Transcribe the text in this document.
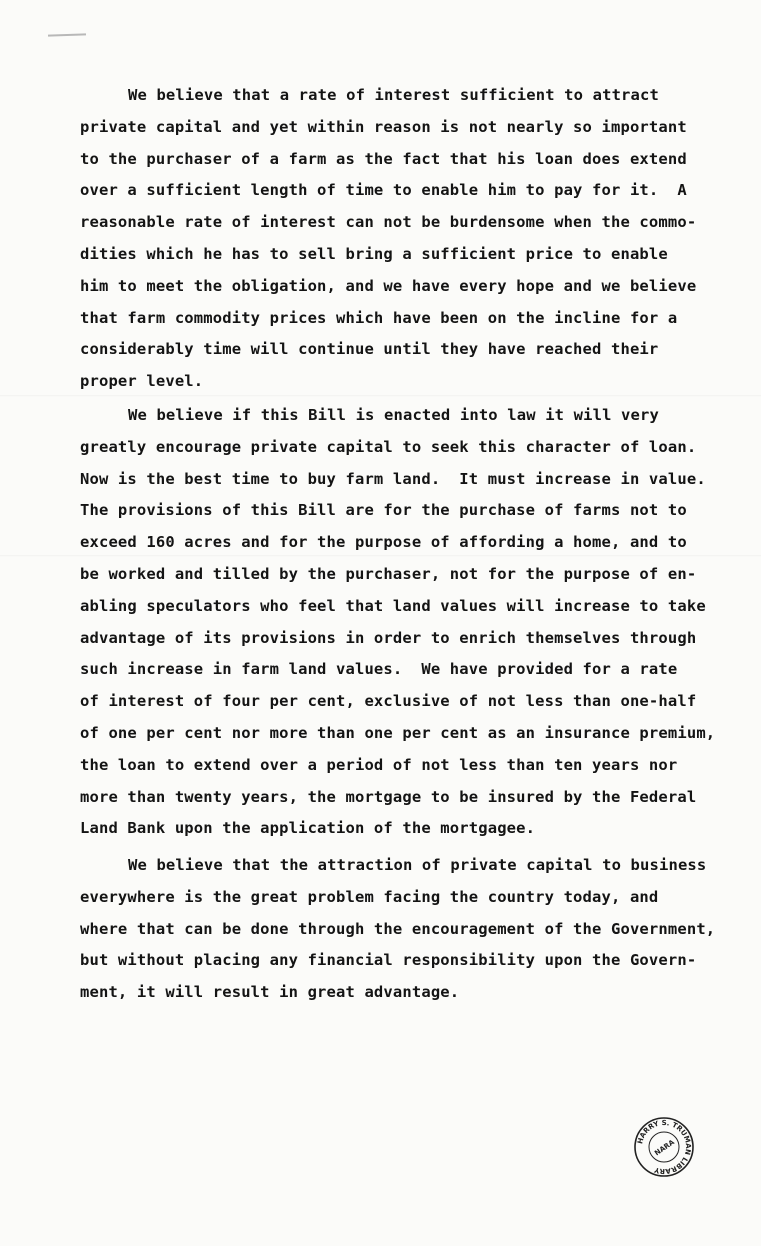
We believe that a rate of interest sufficient to attract
private capital and yet within reason is not nearly so important
to the purchaser of a farm as the fact that his loan does extend
over a sufficient length of time to enable him to pay for it.  A
reasonable rate of interest can not be burdensome when the commo-
dities which he has to sell bring a sufficient price to enable
him to meet the obligation, and we have every hope and we believe
that farm commodity prices which have been on the incline for a
considerably time will continue until they have reached their
proper level.
We believe if this Bill is enacted into law it will very
greatly encourage private capital to seek this character of loan.
Now is the best time to buy farm land.  It must increase in value.
The provisions of this Bill are for the purchase of farms not to
exceed 160 acres and for the purpose of affording a home, and to
be worked and tilled by the purchaser, not for the purpose of en-
abling speculators who feel that land values will increase to take
advantage of its provisions in order to enrich themselves through
such increase in farm land values.  We have provided for a rate
of interest of four per cent, exclusive of not less than one-half
of one per cent nor more than one per cent as an insurance premium,
the loan to extend over a period of not less than ten years nor
more than twenty years, the mortgage to be insured by the Federal
Land Bank upon the application of the mortgagee.
We believe that the attraction of private capital to business
everywhere is the great problem facing the country today, and
where that can be done through the encouragement of the Government,
but without placing any financial responsibility upon the Govern-
ment, it will result in great advantage.
HARRY S. TRUMAN LIBRARY
NARA
